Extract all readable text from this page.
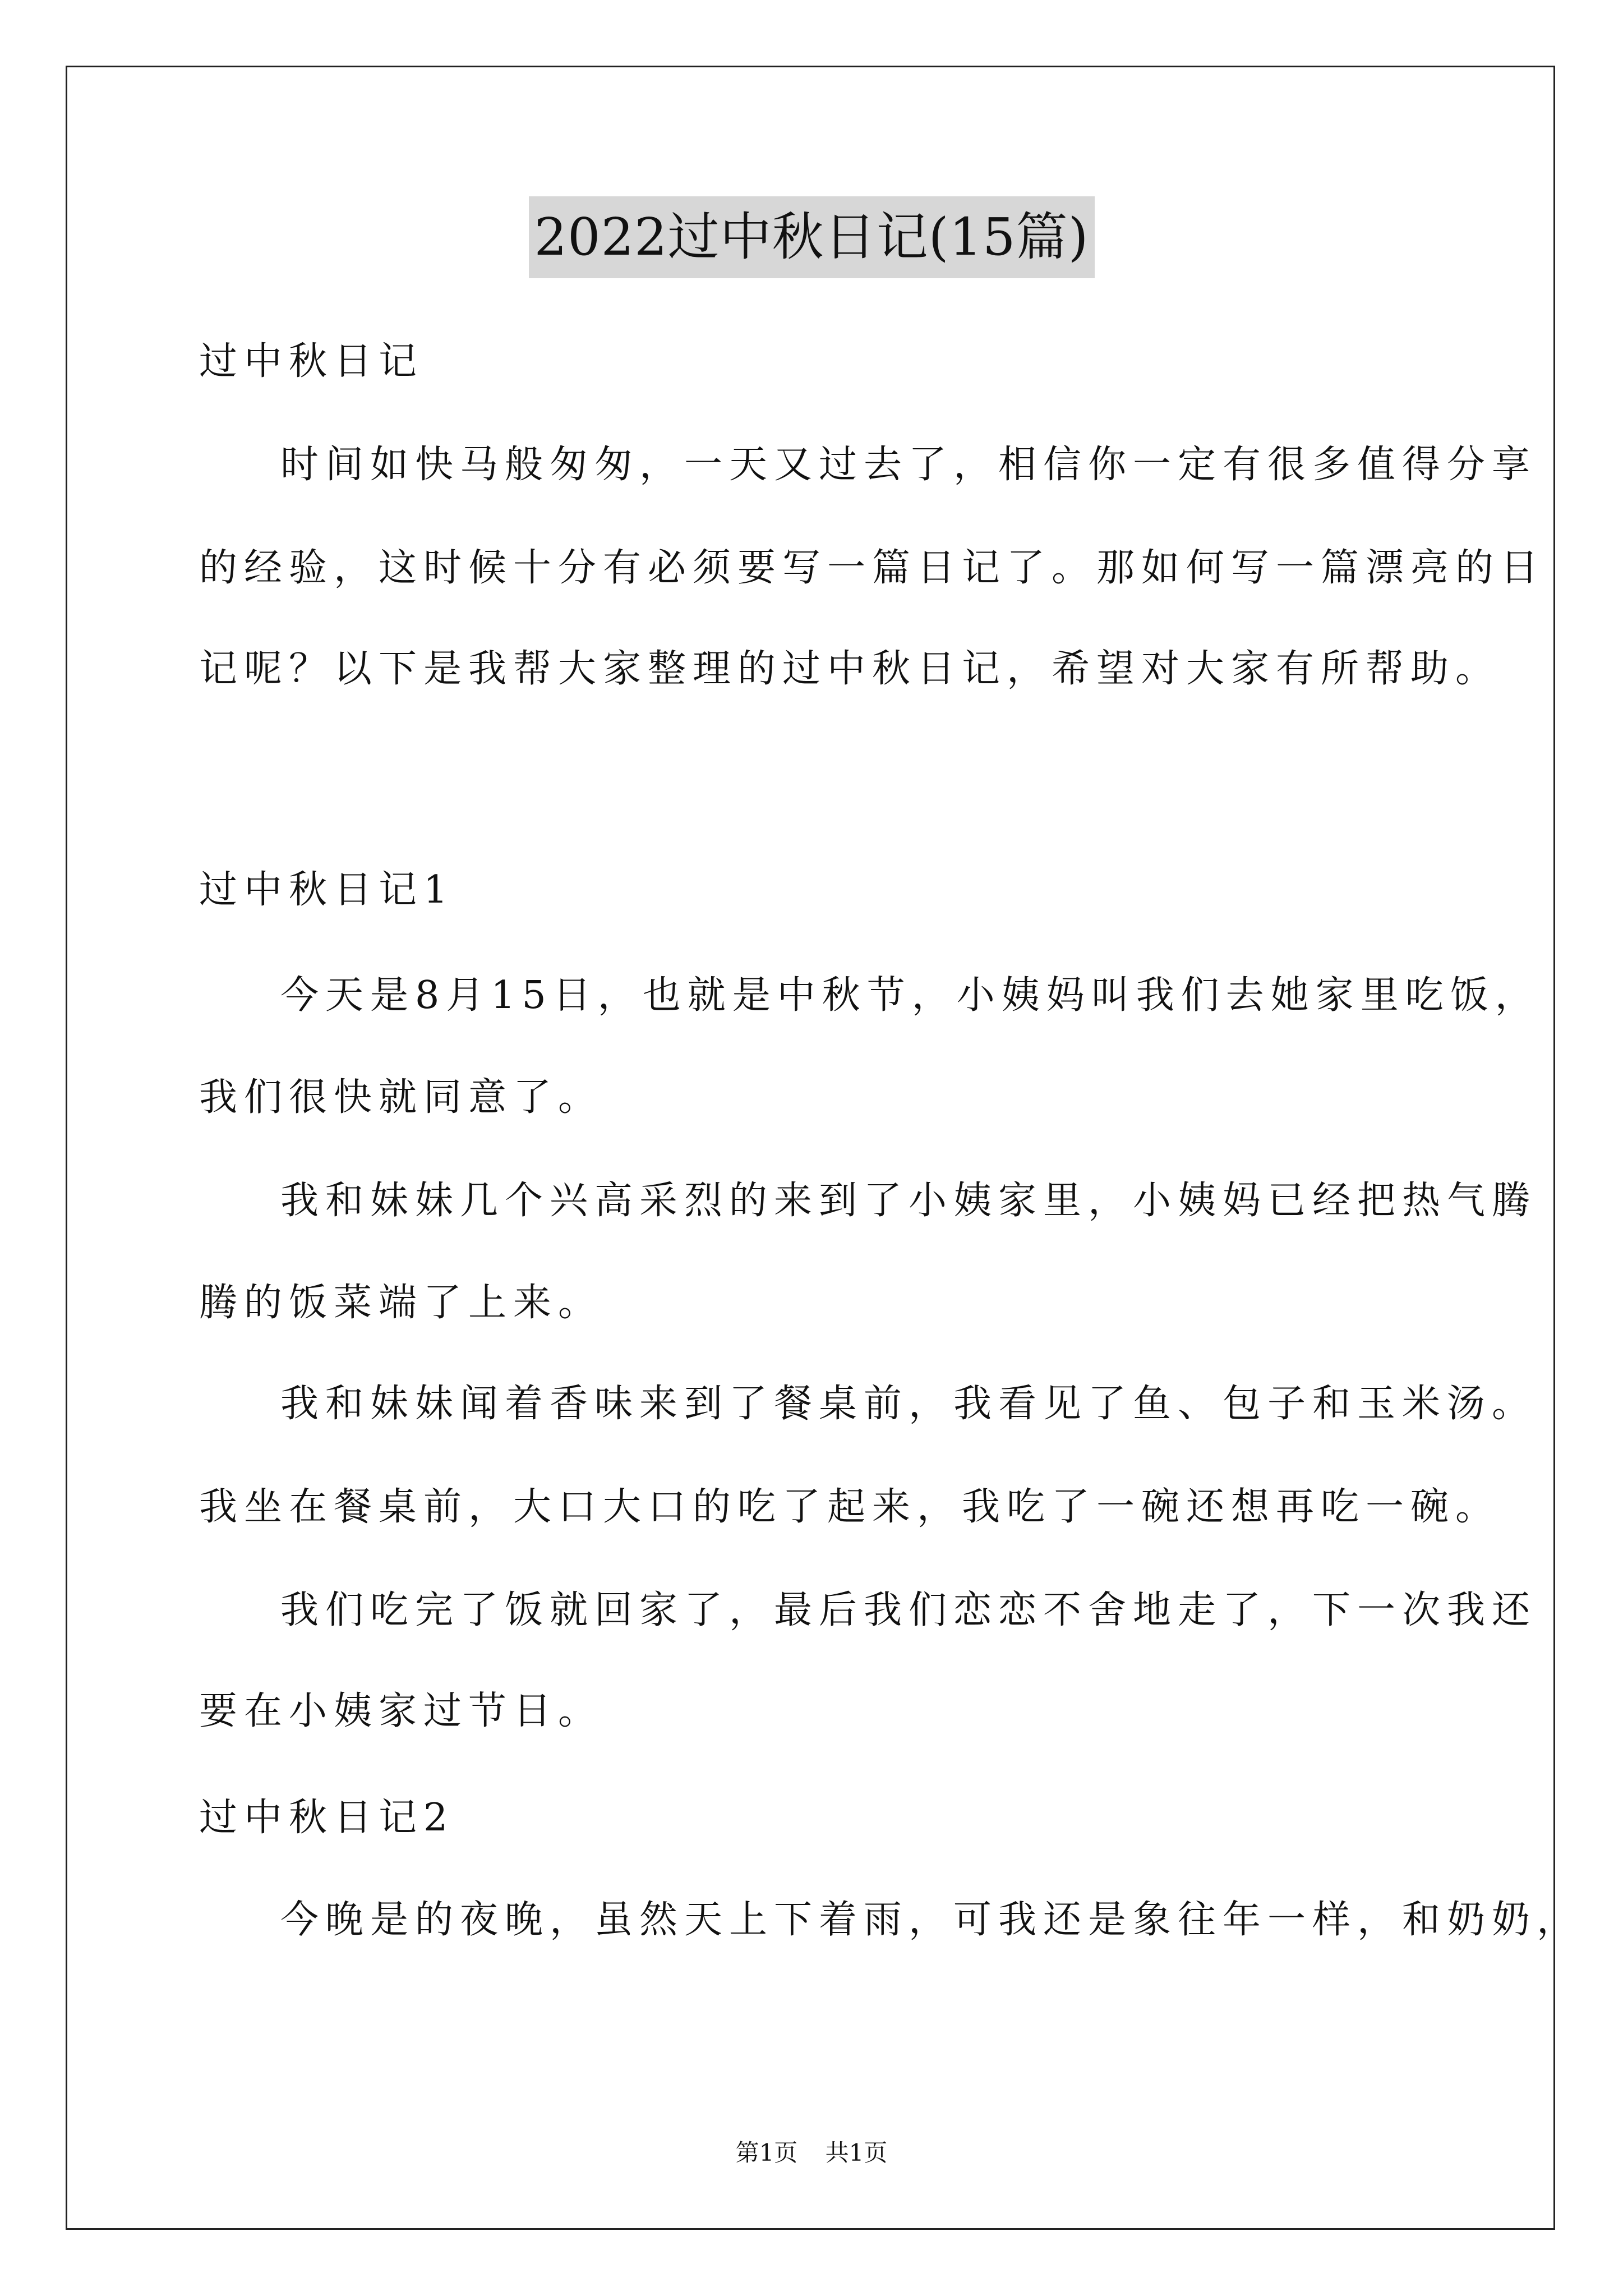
2022过中秋日记(15篇)
过中秋日记
时间如快马般匆匆，一天又过去了，相信你一定有很多值得分享
的经验，这时候十分有必须要写一篇日记了。那如何写一篇漂亮的日
记呢？以下是我帮大家整理的过中秋日记，希望对大家有所帮助。
过中秋日记1
今天是8月15日，也就是中秋节，小姨妈叫我们去她家里吃饭，
我们很快就同意了。
我和妹妹几个兴高采烈的来到了小姨家里，小姨妈已经把热气腾
腾的饭菜端了上来。
我和妹妹闻着香味来到了餐桌前，我看见了鱼、包子和玉米汤。
我坐在餐桌前，大口大口的吃了起来，我吃了一碗还想再吃一碗。
我们吃完了饭就回家了，最后我们恋恋不舍地走了，下一次我还
要在小姨家过节日。
过中秋日记2
今晚是的夜晚，虽然天上下着雨，可我还是象往年一样，和奶奶，
第1页 共1页
